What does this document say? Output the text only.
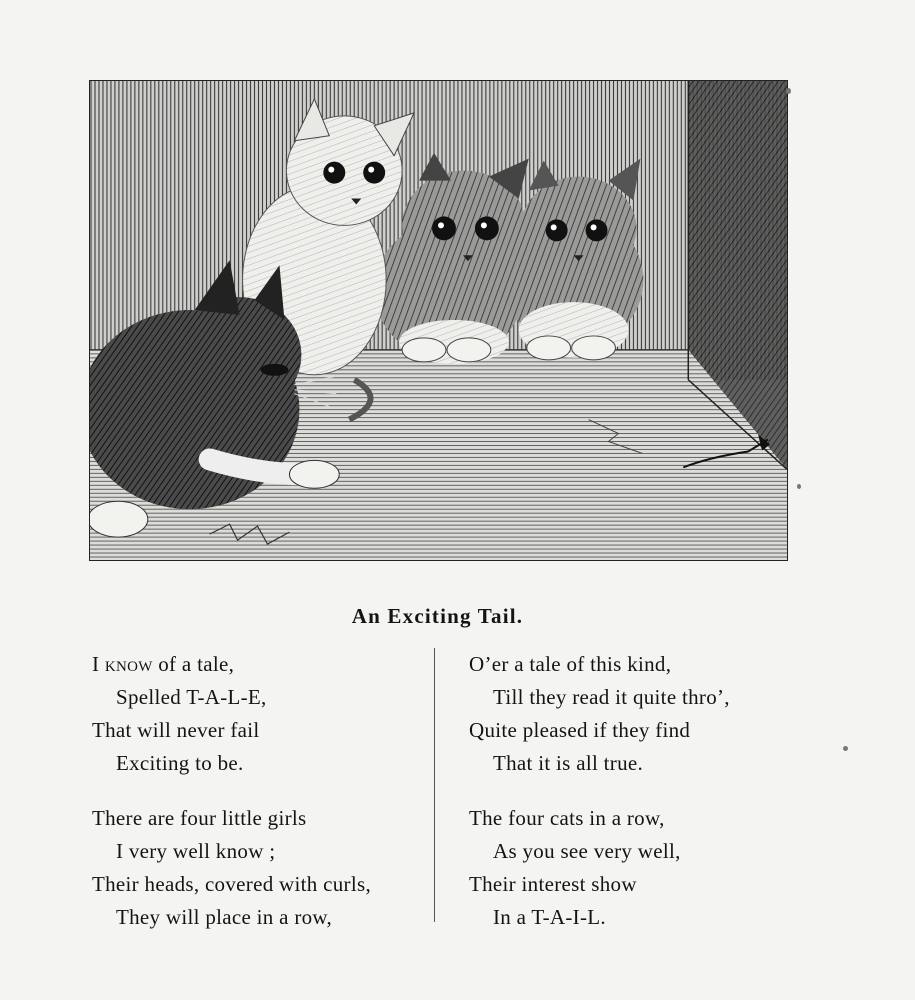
An Exciting Tail.
I know of a tale,
Spelled T-A-L-E,
That will never fail
Exciting to be.
There are four little girls
I very well know ;
Their heads, covered with curls,
They will place in a row,
O’er a tale of this kind,
Till they read it quite thro’,
Quite pleased if they find
That it is all true.
The four cats in a row,
As you see very well,
Their interest show
In a T-A-I-L.
